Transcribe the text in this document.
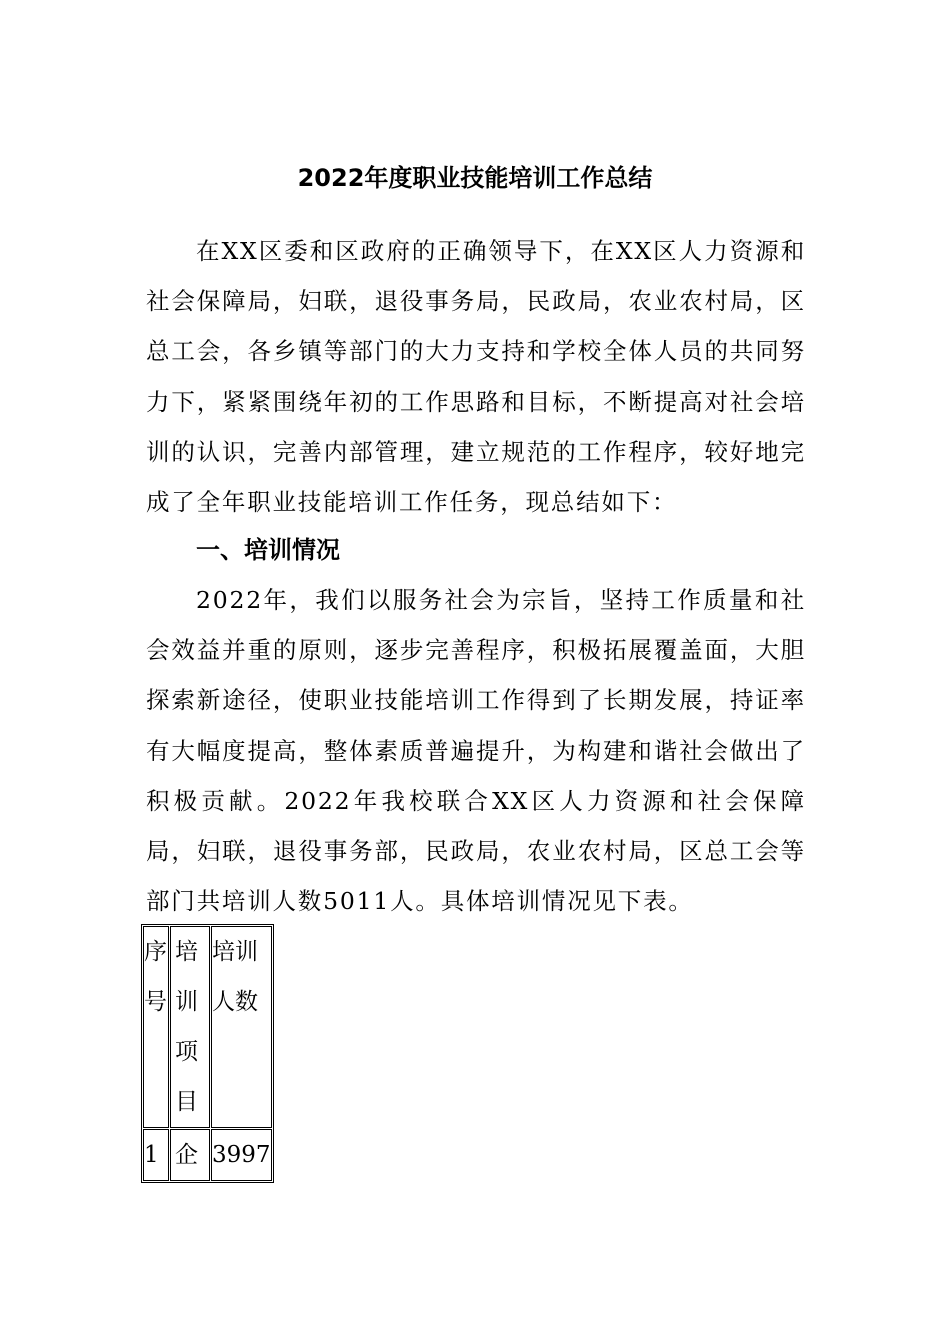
2022年度职业技能培训工作总结
在XX区委和区政府的正确领导下，在XX区人力资源和社会保障局，妇联，退役事务局，民政局，农业农村局，区总工会，各乡镇等部门的大力支持和学校全体人员的共同努力下，紧紧围绕年初的工作思路和目标，不断提高对社会培训的认识，完善内部管理，建立规范的工作程序，较好地完成了全年职业技能培训工作任务，现总结如下：
一、培训情况
2022年，我们以服务社会为宗旨，坚持工作质量和社会效益并重的原则，逐步完善程序，积极拓展覆盖面，大胆探索新途径，使职业技能培训工作得到了长期发展，持证率有大幅度提高，整体素质普遍提升，为构建和谐社会做出了积极贡献。2022年我校联合XX区人力资源和社会保障局，妇联，退役事务部，民政局，农业农村局，区总工会等部门共培训人数5011人。具体培训情况见下表。
序号	培训项目	培训人数

1	企	3997
